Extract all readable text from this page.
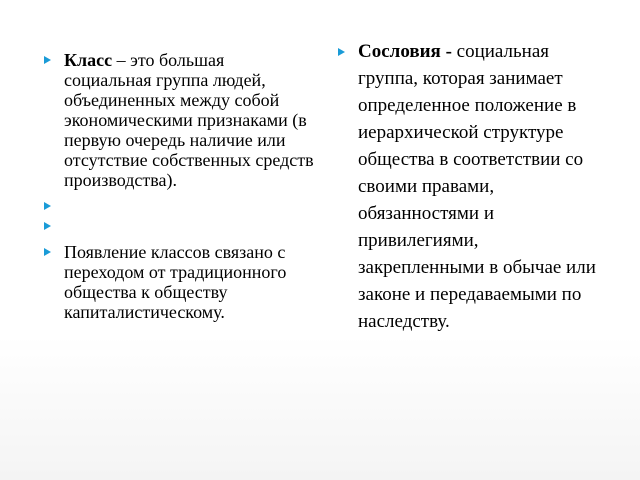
Класс – это большая социальная группа людей, объединенных между собой экономическими признаками (в первую очередь наличие или отсутствие собственных средств производства).
Появление классов связано с переходом от традиционного общества к обществу капиталистическому.
Сословия - социальная группа, которая занимает определенное положение в иерархической структуре общества в соответствии со своими правами, обязанностями и привилегиями, закрепленными в обычае или законе и передаваемыми по наследству.
